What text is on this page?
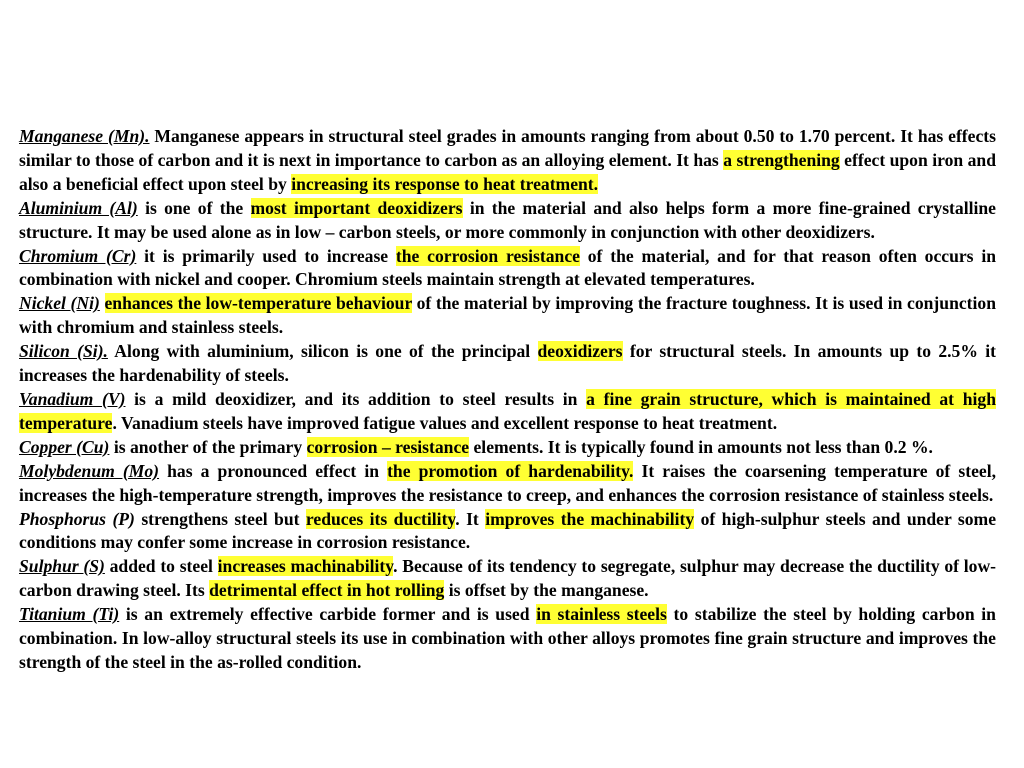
Manganese (Mn). Manganese appears in structural steel grades in amounts ranging from about 0.50 to 1.70 percent. It has effects similar to those of carbon and it is next in importance to carbon as an alloying element. It has a strengthening effect upon iron and also a beneficial effect upon steel by increasing its response to heat treatment.

Aluminium (Al) is one of the most important deoxidizers in the material and also helps form a more fine-grained crystalline structure. It may be used alone as in low – carbon steels, or more commonly in conjunction with other deoxidizers.

Chromium (Cr) it is primarily used to increase the corrosion resistance of the material, and for that reason often occurs in combination with nickel and cooper. Chromium steels maintain strength at elevated temperatures.

Nickel (Ni) enhances the low-temperature behaviour of the material by improving the fracture toughness. It is used in conjunction with chromium and stainless steels.

Silicon (Si). Along with aluminium, silicon is one of the principal deoxidizers for structural steels. In amounts up to 2.5% it increases the hardenability of steels.

Vanadium (V) is a mild deoxidizer, and its addition to steel results in a fine grain structure, which is maintained at high temperature. Vanadium steels have improved fatigue values and excellent response to heat treatment.

Copper (Cu) is another of the primary corrosion – resistance elements. It is typically found in amounts not less than 0.2 %.

Molybdenum (Mo) has a pronounced effect in the promotion of hardenability. It raises the coarsening temperature of steel, increases the high-temperature strength, improves the resistance to creep, and enhances the corrosion resistance of stainless steels.

Phosphorus (P) strengthens steel but reduces its ductility. It improves the machinability of high-sulphur steels and under some conditions may confer some increase in corrosion resistance.

Sulphur (S) added to steel increases machinability. Because of its tendency to segregate, sulphur may decrease the ductility of low-carbon drawing steel. Its detrimental effect in hot rolling is offset by the manganese.

Titanium (Ti) is an extremely effective carbide former and is used in stainless steels to stabilize the steel by holding carbon in combination. In low-alloy structural steels its use in combination with other alloys promotes fine grain structure and improves the strength of the steel in the as-rolled condition.
